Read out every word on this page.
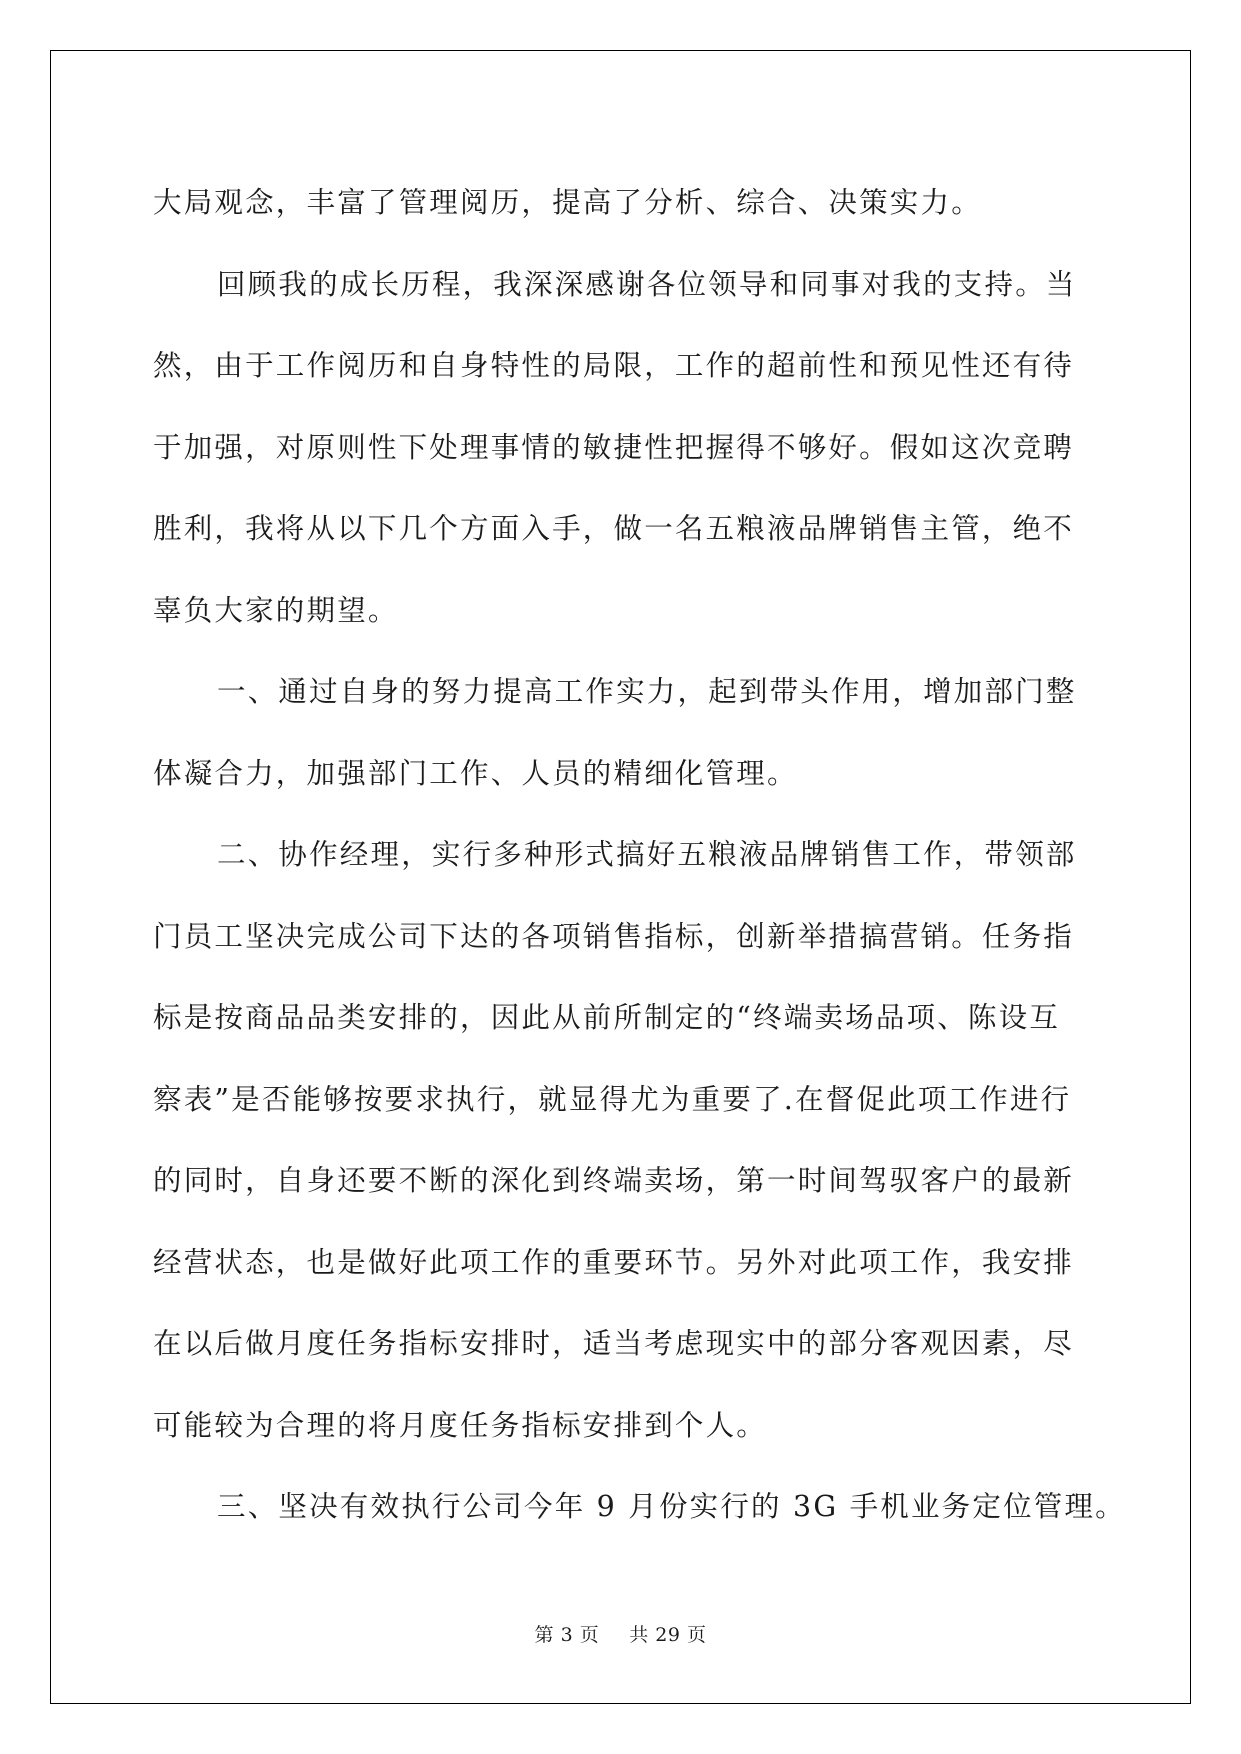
大局观念，丰富了管理阅历，提高了分析、综合、决策实力。

回顾我的成长历程，我深深感谢各位领导和同事对我的支持。当
然，由于工作阅历和自身特性的局限，工作的超前性和预见性还有待
于加强，对原则性下处理事情的敏捷性把握得不够好。假如这次竞聘
胜利，我将从以下几个方面入手，做一名五粮液品牌销售主管，绝不
辜负大家的期望。

一、通过自身的努力提高工作实力，起到带头作用，增加部门整
体凝合力，加强部门工作、人员的精细化管理。

二、协作经理，实行多种形式搞好五粮液品牌销售工作，带领部
门员工坚决完成公司下达的各项销售指标，创新举措搞营销。任务指
标是按商品品类安排的，因此从前所制定的“终端卖场品项、陈设互
察表”是否能够按要求执行，就显得尤为重要了.在督促此项工作进行
的同时，自身还要不断的深化到终端卖场，第一时间驾驭客户的最新
经营状态，也是做好此项工作的重要环节。另外对此项工作，我安排
在以后做月度任务指标安排时，适当考虑现实中的部分客观因素，尽
可能较为合理的将月度任务指标安排到个人。

三、坚决有效执行公司今年 9 月份实行的 3G 手机业务定位管理。

第 3 页 共 29 页
